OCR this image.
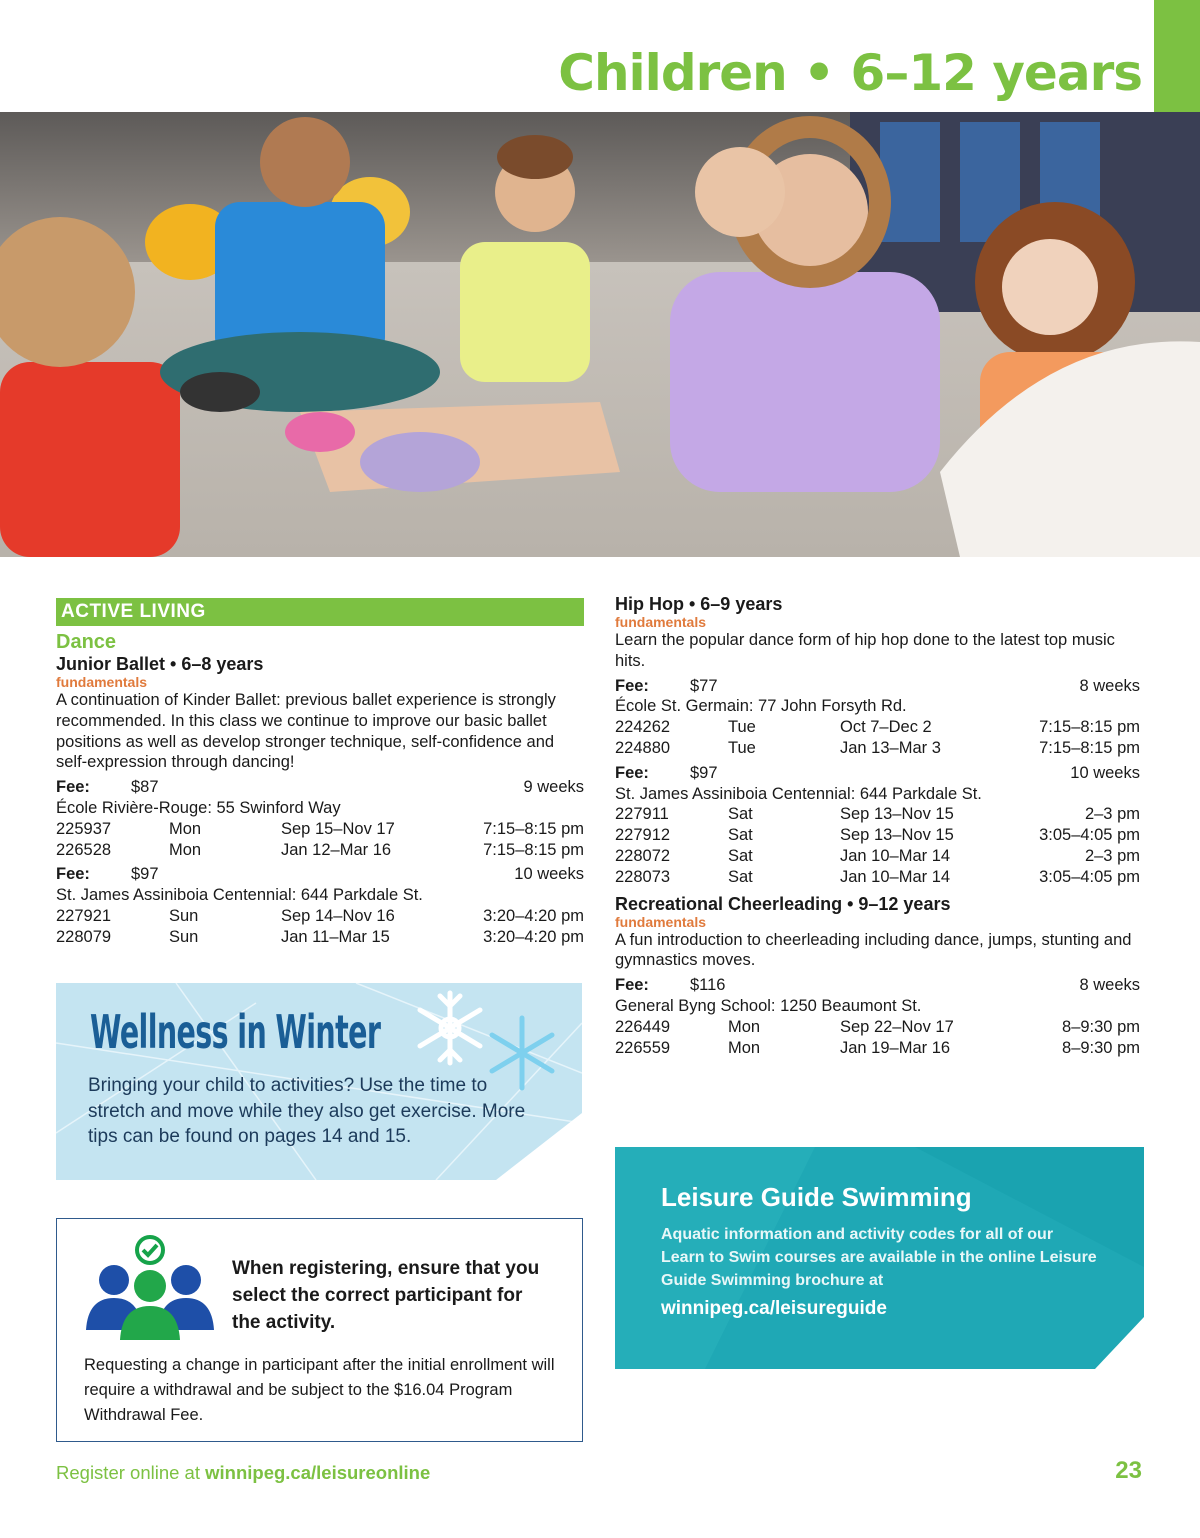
Children • 6–12 years
ACTIVE LIVING
Dance
Junior Ballet • 6–8 years
fundamentals
A continuation of Kinder Ballet: previous ballet experience is strongly recommended. In this class we continue to improve our basic ballet positions as well as develop stronger technique, self-confidence and self-expression through dancing!
Fee:	$87	9 weeks
École Rivière-Rouge: 55 Swinford Way
225937	Mon	Sep 15–Nov 17	7:15–8:15 pm
226528	Mon	Jan 12–Mar 16	7:15–8:15 pm
Fee:	$97	10 weeks
St. James Assiniboia Centennial: 644 Parkdale St.
227921	Sun	Sep 14–Nov 16	3:20–4:20 pm
228079	Sun	Jan 11–Mar 15	3:20–4:20 pm
Hip Hop • 6–9 years
fundamentals
Learn the popular dance form of hip hop done to the latest top music hits.
Fee:	$77	8 weeks
École St. Germain: 77 John Forsyth Rd.
224262	Tue	Oct 7–Dec 2	7:15–8:15 pm
224880	Tue	Jan 13–Mar 3	7:15–8:15 pm
Fee:	$97	10 weeks
St. James Assiniboia Centennial: 644 Parkdale St.
227911	Sat	Sep 13–Nov 15	2–3 pm
227912	Sat	Sep 13–Nov 15	3:05–4:05 pm
228072	Sat	Jan 10–Mar 14	2–3 pm
228073	Sat	Jan 10–Mar 14	3:05–4:05 pm
Recreational Cheerleading • 9–12 years
fundamentals
A fun introduction to cheerleading including dance, jumps, stunting and gymnastics moves.
Fee:	$116	8 weeks
General Byng School: 1250 Beaumont St.
226449	Mon	Sep 22–Nov 17	8–9:30 pm
226559	Mon	Jan 19–Mar 16	8–9:30 pm
Wellness in Winter
Bringing your child to activities? Use the time to stretch and move while they also get exercise. More tips can be found on pages 14 and 15.
When registering, ensure that you select the correct participant for the activity.
Requesting a change in participant after the initial enrollment will require a withdrawal and be subject to the $16.04 Program Withdrawal Fee.
Leisure Guide Swimming
Aquatic information and activity codes for all of our Learn to Swim courses are available in the online Leisure Guide Swimming brochure at
winnipeg.ca/leisureguide
Register online at winnipeg.ca/leisureonline	23
